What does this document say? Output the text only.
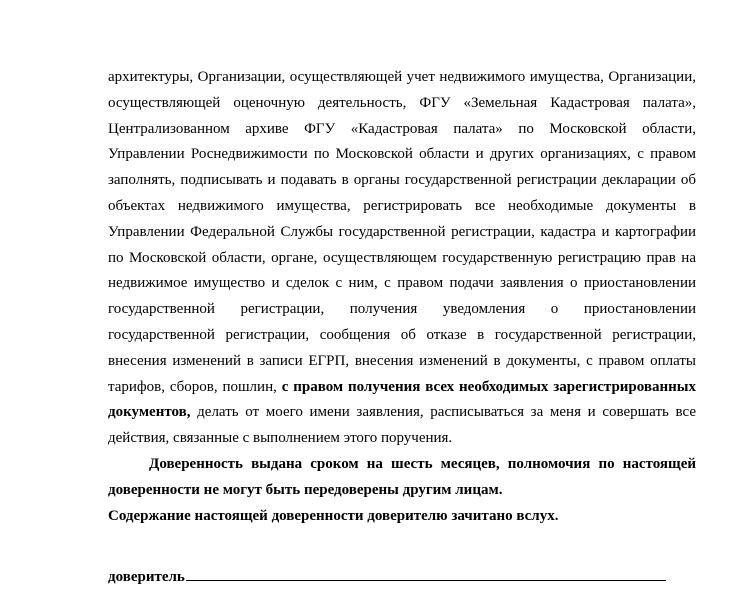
архитектуры, Организации, осуществляющей учет недвижимого имущества, Организации,
осуществляющей оценочную деятельность, ФГУ «Земельная Кадастровая палата»,
Централизованном архиве ФГУ «Кадастровая палата» по Московской области,
Управлении Роснедвижимости по Московской области и других организациях, с правом
заполнять, подписывать и подавать в органы государственной регистрации декларации об
объектах недвижимого имущества, регистрировать все необходимые документы в
Управлении Федеральной Службы государственной регистрации, кадастра и картографии
по Московской области, органе, осуществляющем государственную регистрацию прав на
недвижимое имущество и сделок с ним, с правом подачи заявления о приостановлении
государственной регистрации, получения уведомления о приостановлении
государственной регистрации, сообщения об отказе в государственной регистрации,
внесения изменений в записи ЕГРП, внесения изменений в документы, с правом оплаты
тарифов, сборов, пошлин, с правом получения всех необходимых зарегистрированных
документов, делать от моего имени заявления, расписываться за меня и совершать все
действия, связанные с выполнением этого поручения.
Доверенность выдана сроком на шесть месяцев, полномочия по настоящей
доверенности не могут быть передоверены другим лицам.
Содержание настоящей доверенности доверителю зачитано вслух.
доверитель
